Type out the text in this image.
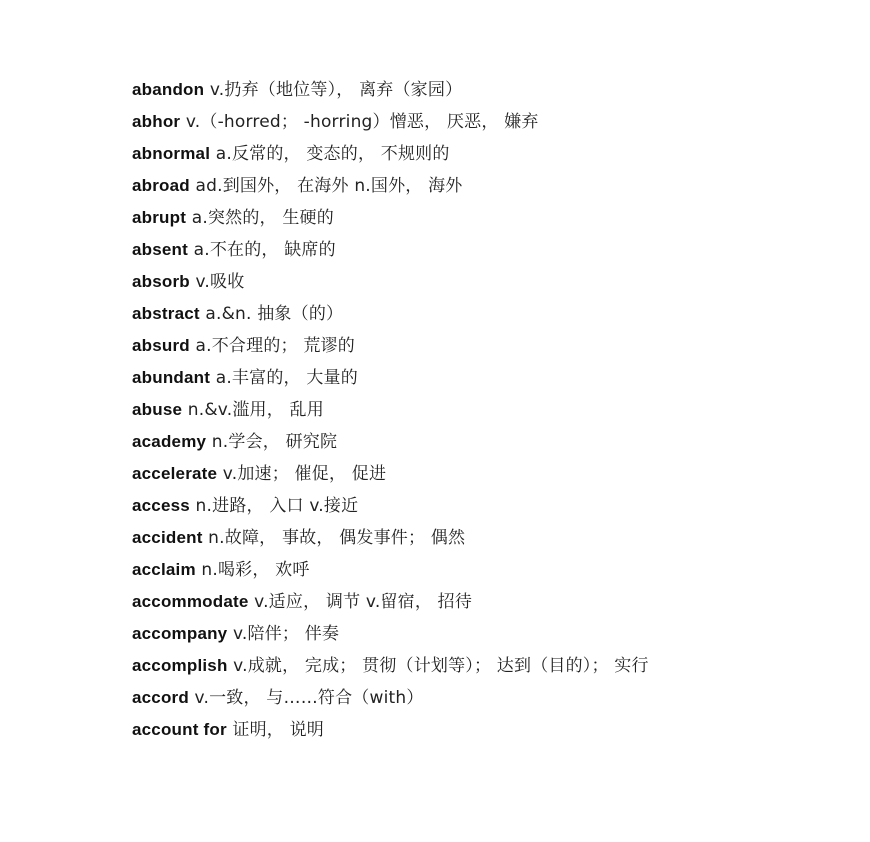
abandon v.扔弃（地位等）， 离弃（家园）
abhor v.（-horred； -horring）憎恶， 厌恶， 嫌弃
abnormal a.反常的， 变态的， 不规则的
abroad ad.到国外， 在海外 n.国外， 海外
abrupt a.突然的， 生硬的
absent a.不在的， 缺席的
absorb v.吸收
abstract a.&n. 抽象（的）
absurd a.不合理的； 荒谬的
abundant a.丰富的， 大量的
abuse n.&v.滥用， 乱用
academy n.学会， 研究院
accelerate v.加速； 催促， 促进
access n.进路， 入口 v.接近
accident n.故障， 事故， 偶发事件； 偶然
acclaim n.喝彩， 欢呼
accommodate v.适应， 调节 v.留宿， 招待
accompany v.陪伴； 伴奏
accomplish v.成就， 完成； 贯彻（计划等）； 达到（目的）； 实行
accord v.一致， 与……符合（with）
account for 证明， 说明
